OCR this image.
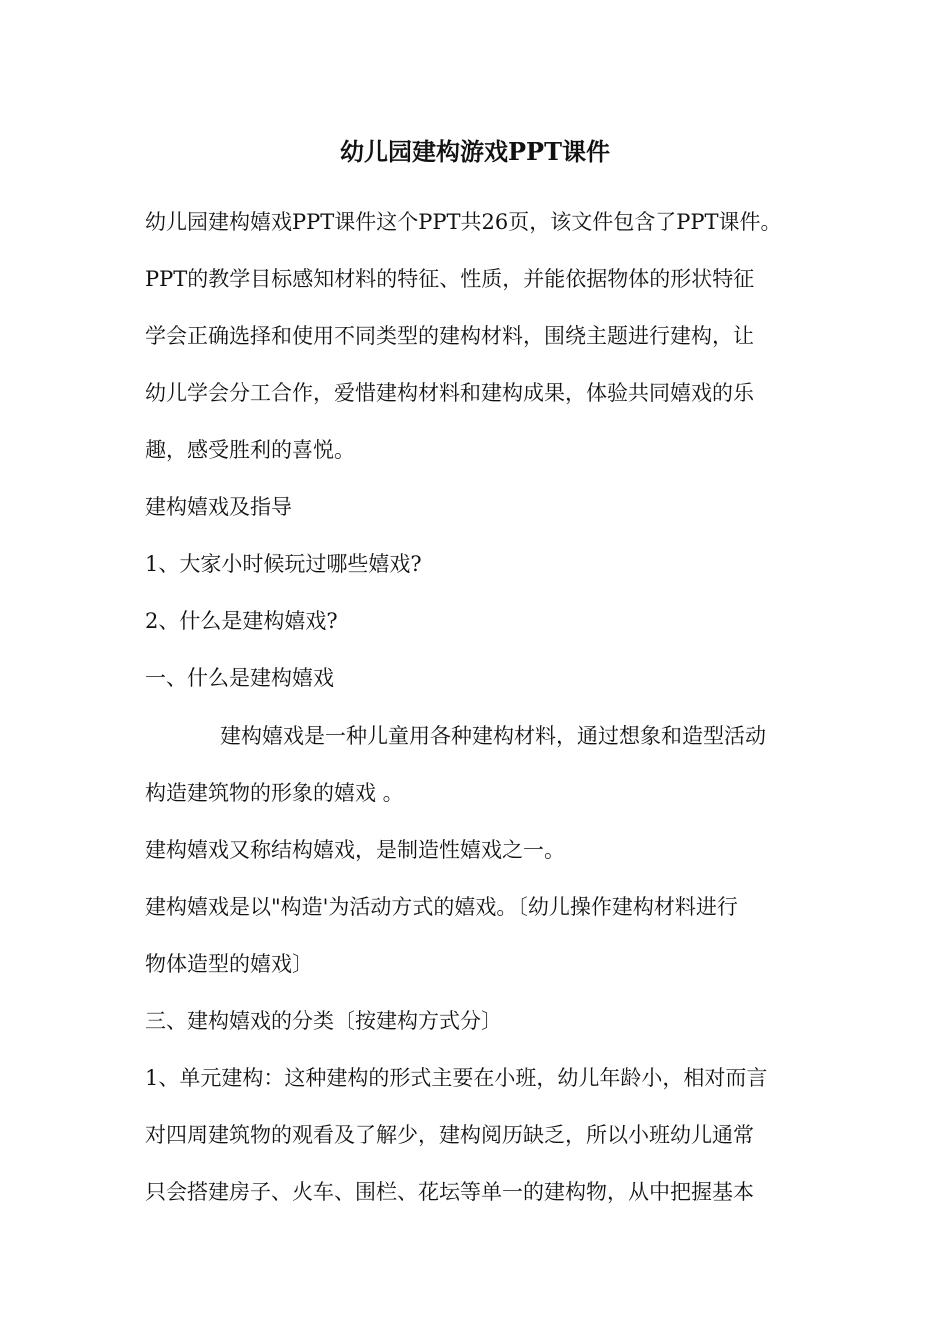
幼儿园建构游戏PPT课件
幼儿园建构嬉戏PPT课件这个PPT共26页，该文件包含了PPT课件。
PPT的教学目标感知材料的特征、性质，并能依据物体的形状特征
学会正确选择和使用不同类型的建构材料，围绕主题进行建构，让
幼儿学会分工合作，爱惜建构材料和建构成果，体验共同嬉戏的乐
趣，感受胜利的喜悦。
建构嬉戏及指导
1、大家小时候玩过哪些嬉戏?
2、什么是建构嬉戏?
一、什么是建构嬉戏
建构嬉戏是一种儿童用各种建构材料，通过想象和造型活动
构造建筑物的形象的嬉戏 。
建构嬉戏又称结构嬉戏，是制造性嬉戏之一。
建构嬉戏是以"构造'为活动方式的嬉戏。〔幼儿操作建构材料进行
物体造型的嬉戏〕
三、建构嬉戏的分类〔按建构方式分〕
1、单元建构：这种建构的形式主要在小班，幼儿年龄小，相对而言
对四周建筑物的观看及了解少，建构阅历缺乏，所以小班幼儿通常
只会搭建房子、火车、围栏、花坛等单一的建构物，从中把握基本
